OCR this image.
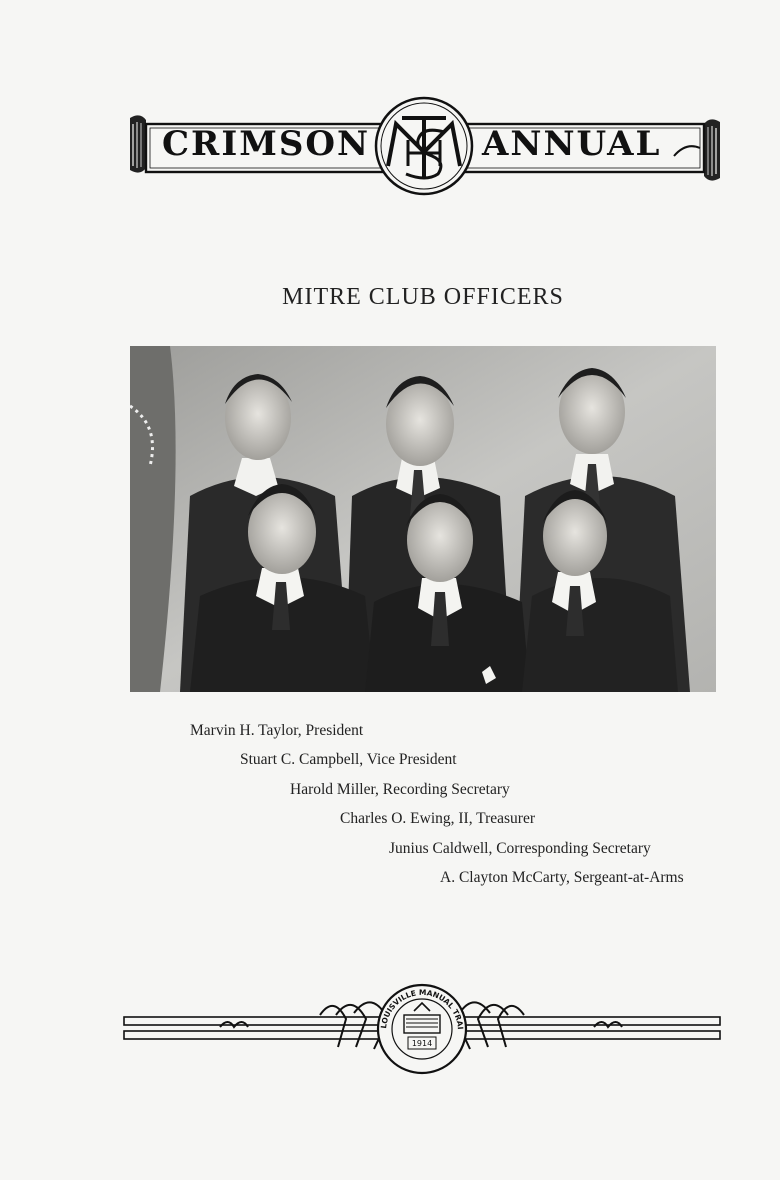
CRIMSON	ANNUAL
MITRE CLUB OFFICERS
Marvin H. Taylor, President
Stuart C. Campbell, Vice President
Harold Miller, Recording Secretary
Charles O. Ewing, II, Treasurer
Junius Caldwell, Corresponding Secretary
A. Clayton McCarty, Sergeant-at-Arms
LOUISVILLE MANUAL TRAI
1914
